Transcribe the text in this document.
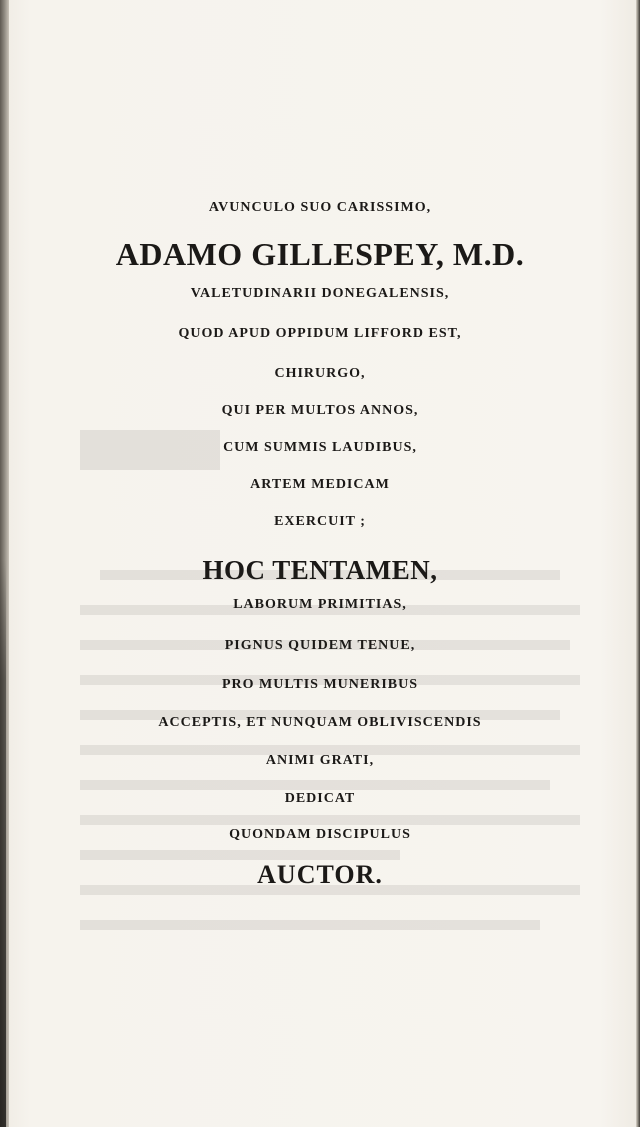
AVUNCULO SUO CARISSIMO,
ADAMO GILLESPEY, M.D.
VALETUDINARII DONEGALENSIS,
QUOD APUD OPPIDUM LIFFORD EST,
CHIRURGO,
QUI PER MULTOS ANNOS,
CUM SUMMIS LAUDIBUS,
ARTEM MEDICAM
EXERCUIT ;
HOC TENTAMEN,
LABORUM PRIMITIAS,
PIGNUS QUIDEM TENUE,
PRO MULTIS MUNERIBUS
ACCEPTIS, ET NUNQUAM OBLIVISCENDIS
ANIMI GRATI,
DEDICAT
QUONDAM DISCIPULUS
AUCTOR.
